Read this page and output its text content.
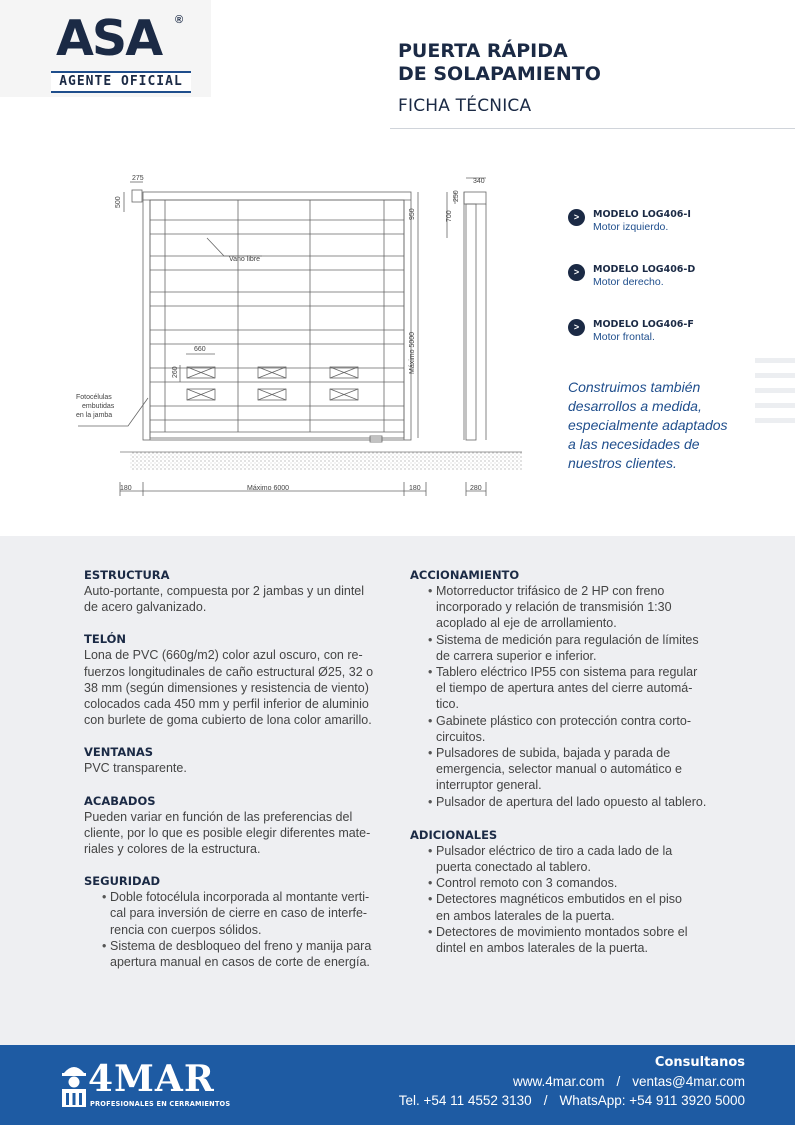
ASA ®
AGENTE OFICIAL
PUERTA RÁPIDA
DE SOLAPAMIENTO
FICHA TÉCNICA
275
500
950
Vano libre
660
260	Máximo 5000
Fotocélulas
embutidas
en la jamba
180	Máximo 6000	180
340
250
700
280
>	MODELO LOG406-I
Motor izquierdo.
>	MODELO LOG406-D
Motor derecho.
>	MODELO LOG406-F
Motor frontal.
Construimos también
desarrollos a medida,
especialmente adaptados
a las necesidades de
nuestros clientes.
ESTRUCTURA
Auto-portante, compuesta por 2 jambas y un dintel
de acero galvanizado.
TELÓN
Lona de PVC (660g/m2) color azul oscuro, con re-
fuerzos longitudinales de caño estructural Ø25, 32 o
38 mm (según dimensiones y resistencia de viento)
colocados cada 450 mm y perfil inferior de aluminio
con burlete de goma cubierto de lona color amarillo.
VENTANAS
PVC transparente.
ACABADOS
Pueden variar en función de las preferencias del
cliente, por lo que es posible elegir diferentes mate-
riales y colores de la estructura.
SEGURIDAD
• Doble fotocélula incorporada al montante verti-
cal para inversión de cierre en caso de interfe-
rencia con cuerpos sólidos.
• Sistema de desbloqueo del freno y manija para
apertura manual en casos de corte de energía.
ACCIONAMIENTO
• Motorreductor trifásico de 2 HP con freno
incorporado y relación de transmisión 1:30
acoplado al eje de arrollamiento.
• Sistema de medición para regulación de límites
de carrera superior e inferior.
• Tablero eléctrico IP55 con sistema para regular
el tiempo de apertura antes del cierre automá-
tico.
• Gabinete plástico con protección contra corto-
circuitos.
• Pulsadores de subida, bajada y parada de
emergencia, selector manual o automático e
interruptor general.
• Pulsador de apertura del lado opuesto al tablero.
ADICIONALES
• Pulsador eléctrico de tiro a cada lado de la
puerta conectado al tablero.
• Control remoto con 3 comandos.
• Detectores magnéticos embutidos en el piso
en ambos laterales de la puerta.
• Detectores de movimiento montados sobre el
dintel en ambos laterales de la puerta.
4MAR
PROFESIONALES EN CERRAMIENTOS
Consultanos
www.4mar.com / ventas@4mar.com
Tel. +54 11 4552 3130 / WhatsApp: +54 911 3920 5000
